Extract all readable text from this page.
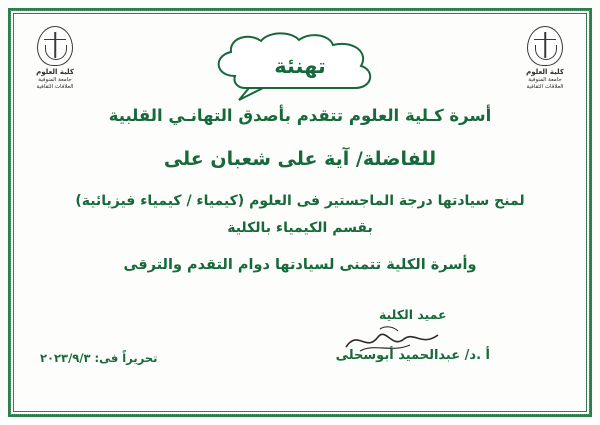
كلية العلوم
جامعة المنوفية
العلاقات الثقافية
كلية العلوم
جامعة المنوفية
العلاقات الثقافية
تهنئة

أسرة كـلية العلوم تتقدم بأصدق التهانـي القلبية

للفاضلة/ آية على شعبان على

لمنح سيادتها درجة الماجستير فى العلوم (كيمياء / كيمياء فيزيائية)

بقسم الكيمياء بالكلية

وأسرة الكلية تتمنى لسيادتها دوام التقدم والترقى

عميد الكلية
أ .د/ عبدالحميد أبوسحلى
تحريراً فى: ٢٠٢٣/٩/٣
